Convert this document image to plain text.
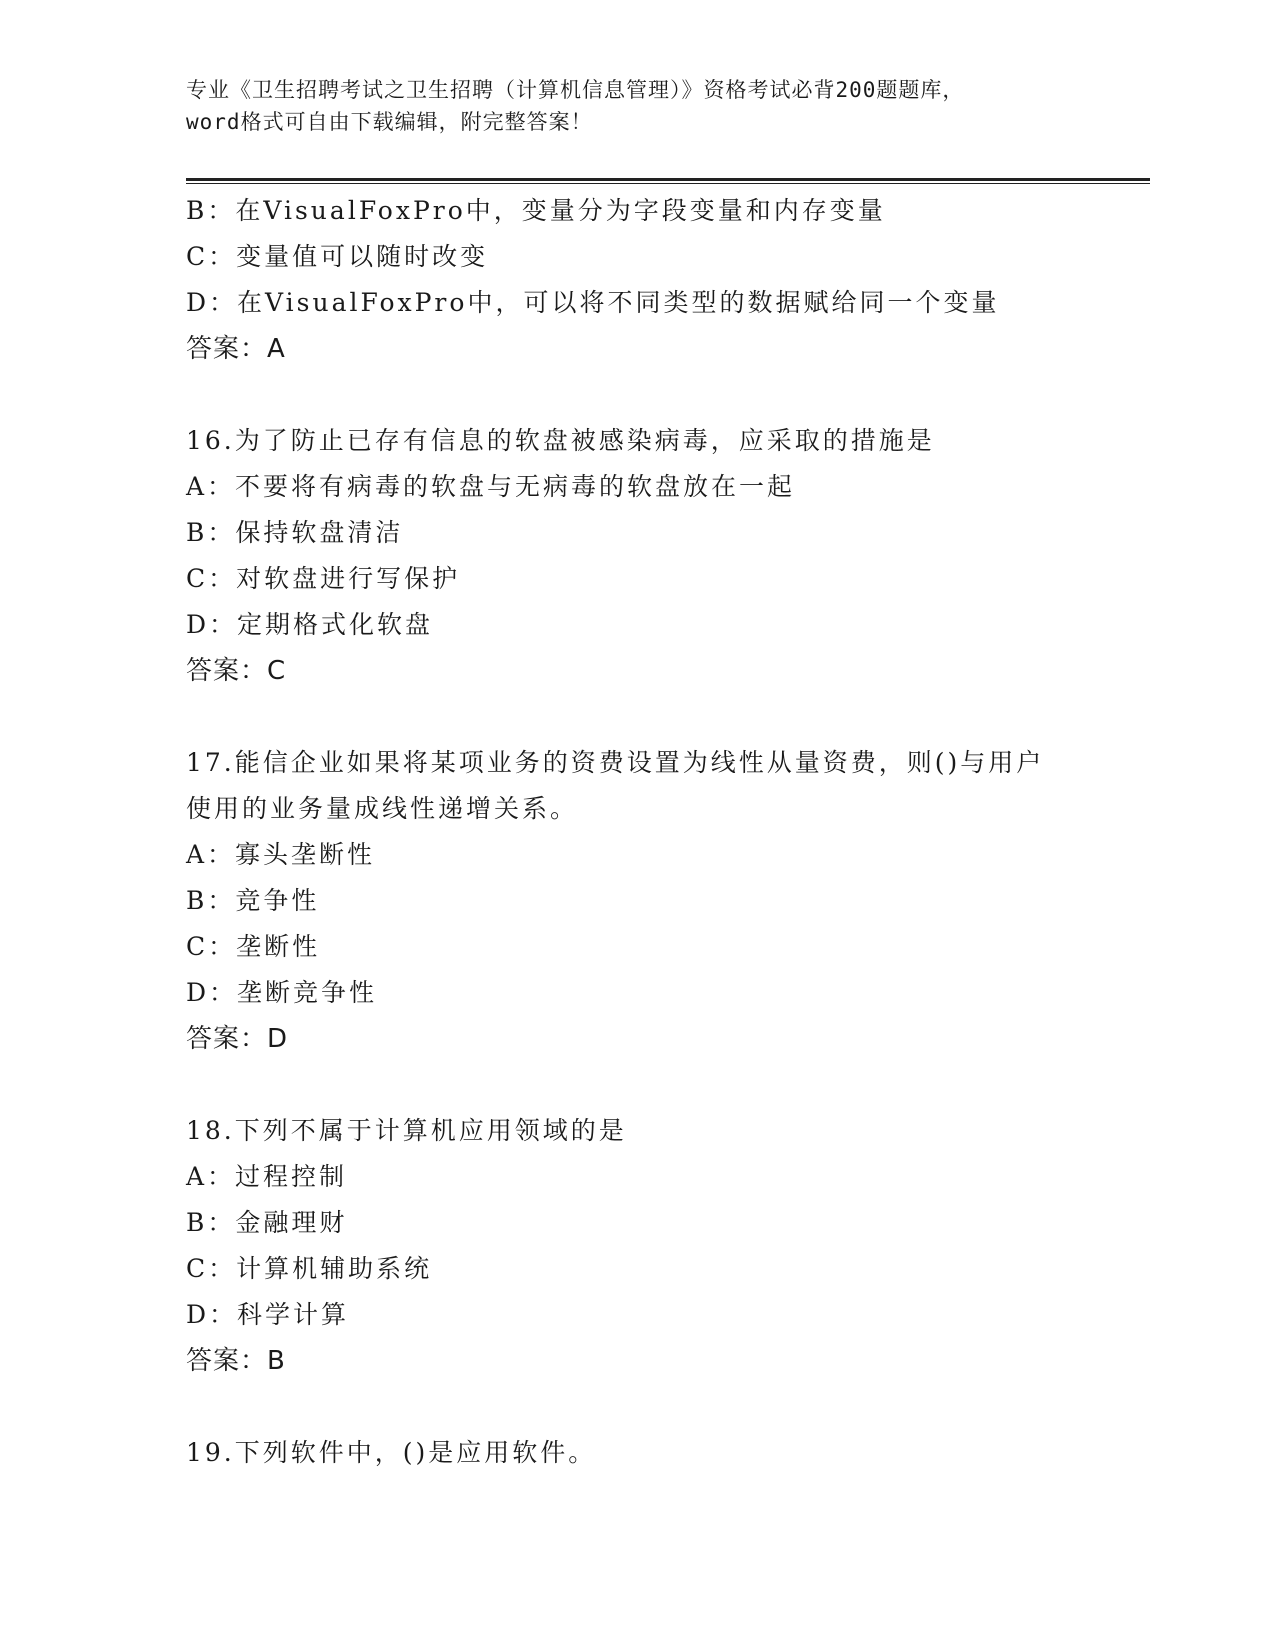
专业《卫生招聘考试之卫生招聘（计算机信息管理）》资格考试必背200题题库，
word格式可自由下载编辑，附完整答案！
B：在VisualFoxPro中，变量分为字段变量和内存变量
C：变量值可以随时改变
D：在VisualFoxPro中，可以将不同类型的数据赋给同一个变量
答案：A
16.为了防止已存有信息的软盘被感染病毒，应采取的措施是
A：不要将有病毒的软盘与无病毒的软盘放在一起
B：保持软盘清洁
C：对软盘进行写保护
D：定期格式化软盘
答案：C
17.能信企业如果将某项业务的资费设置为线性从量资费，则()与用户
使用的业务量成线性递增关系。
A：寡头垄断性
B：竞争性
C：垄断性
D：垄断竞争性
答案：D
18.下列不属于计算机应用领域的是
A：过程控制
B：金融理财
C：计算机辅助系统
D：科学计算
答案：B
19.下列软件中，()是应用软件。
